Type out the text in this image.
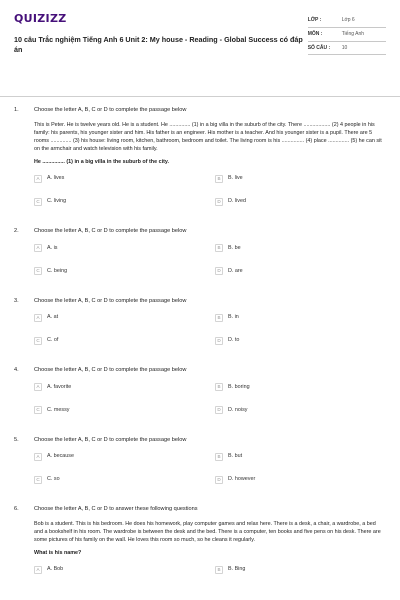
QUIZIZZ
10 câu Trắc nghiệm Tiếng Anh 6 Unit 2: My house - Reading - Global Success có đáp án
LỚP :	Lớp 6
MÔN :	Tiếng Anh
SỐ CÂU :	10
1.	Choose the letter A, B, C or D to complete the passage below
This is Peter. He is twelve years old. He is a student. He .............. (1) in a big villa in the suburb of the city. There .................. (2) 4 people in his family: his parents, his younger sister and him. His father is an engineer. His mother is a teacher. And his younger sister is a pupil. There are 5 rooms .............. (3) his house: living room, kitchen, bathroom, bedroom and toilet. The living room is his ............... (4) place .............. (5) he can sit on the armchair and watch television with his family.
He ............... (1) in a big villa in the suburb of the city.
A	A. lives	B	B. live
C	C. living	D	D. lived
2.	Choose the letter A, B, C or D to complete the passage below
A	A. is	B	B. be
C	C. being	D	D. are
3.	Choose the letter A, B, C or D to complete the passage below
A	A. at	B	B. in
C	C. of	D	D. to
4.	Choose the letter A, B, C or D to complete the passage below
A	A. favorite	B	B. boring
C	C. messy	D	D. noisy
5.	Choose the letter A, B, C or D to complete the passage below
A	A. because	B	B. but
C	C. so	D	D. however
6.	Choose the letter A, B, C or D to answer these following questions
Bob is a student. This is his bedroom. He does his homework, play computer games and relax here. There is a desk, a chair, a wardrobe, a bed and a bookshelf in his room. The wardrobe is between the desk and the bed. There is a computer, ten books and five pens on his desk. There are some pictures of his family on the wall. He loves this room so much, so he cleans it regularly.
What is his name?
A	A. Bob	B	B. Bing
